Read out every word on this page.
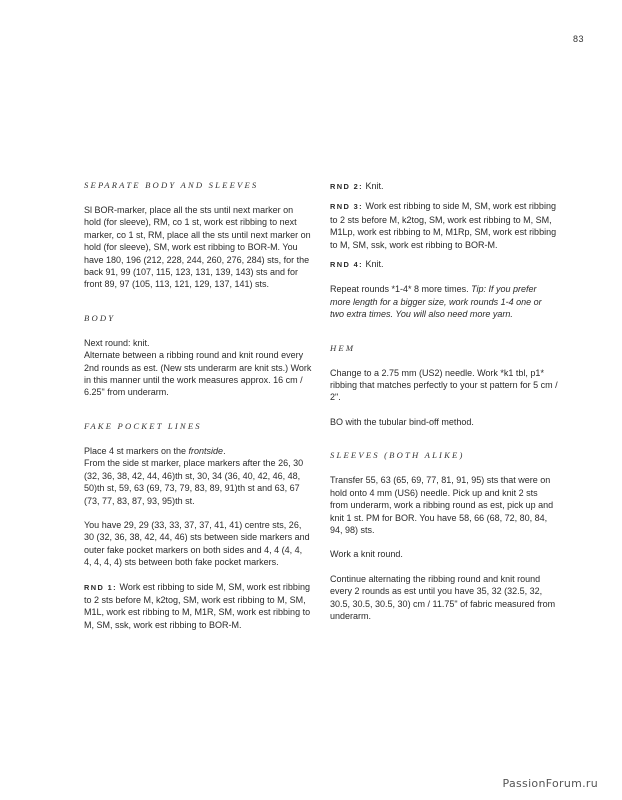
83
SEPARATE BODY AND SLEEVES

Sl BOR-marker, place all the sts until next marker on hold (for sleeve), RM, co 1 st, work est ribbing to next marker, co 1 st, RM, place all the sts until next marker on hold (for sleeve), SM, work est ribbing to BOR-M. You have 180, 196 (212, 228, 244, 260, 276, 284) sts, for the back 91, 99 (107, 115, 123, 131, 139, 143) sts and for front 89, 97 (105, 113, 121, 129, 137, 141) sts.

BODY

Next round: knit.

Alternate between a ribbing round and knit round every 2nd rounds as est. (New sts underarm are knit sts.) Work in this manner until the work measures approx. 16 cm / 6.25" from underarm.

FAKE POCKET LINES

Place 4 st markers on the frontside.

From the side st marker, place markers after the 26, 30 (32, 36, 38, 42, 44, 46)th st, 30, 34 (36, 40, 42, 46, 48, 50)th st, 59, 63 (69, 73, 79, 83, 89, 91)th st and 63, 67 (73, 77, 83, 87, 93, 95)th st.

You have 29, 29 (33, 33, 37, 37, 41, 41) centre sts, 26, 30 (32, 36, 38, 42, 44, 46) sts between side markers and outer fake pocket markers on both sides and 4, 4 (4, 4, 4, 4, 4, 4) sts between both fake pocket markers.

RND 1: Work est ribbing to side M, SM, work est ribbing to 2 sts before M, k2tog, SM, work est ribbing to M, SM, M1L, work est ribbing to M, M1R, SM, work est ribbing to M, SM, ssk, work est ribbing to BOR-M.

RND 2: Knit.

RND 3: Work est ribbing to side M, SM, work est ribbing to 2 sts before M, k2tog, SM, work est ribbing to M, SM, M1Lp, work est ribbing to M, M1Rp, SM, work est ribbing to M, SM, ssk, work est ribbing to BOR-M.

RND 4: Knit.

Repeat rounds *1-4* 8 more times. Tip: If you prefer more length for a bigger size, work rounds 1-4 one or two extra times. You will also need more yarn.

HEM

Change to a 2.75 mm (US2) needle. Work *k1 tbl, p1* ribbing that matches perfectly to your st pattern for 5 cm / 2".

BO with the tubular bind-off method.

SLEEVES (BOTH ALIKE)

Transfer 55, 63 (65, 69, 77, 81, 91, 95) sts that were on hold onto 4 mm (US6) needle. Pick up and knit 2 sts from underarm, work a ribbing round as est, pick up and knit 1 st. PM for BOR. You have 58, 66 (68, 72, 80, 84, 94, 98) sts.

Work a knit round.

Continue alternating the ribbing round and knit round every 2 rounds as est until you have 35, 32 (32.5, 32, 30.5, 30.5, 30.5, 30) cm / 11.75" of fabric measured from underarm.

PassionForum.ru
